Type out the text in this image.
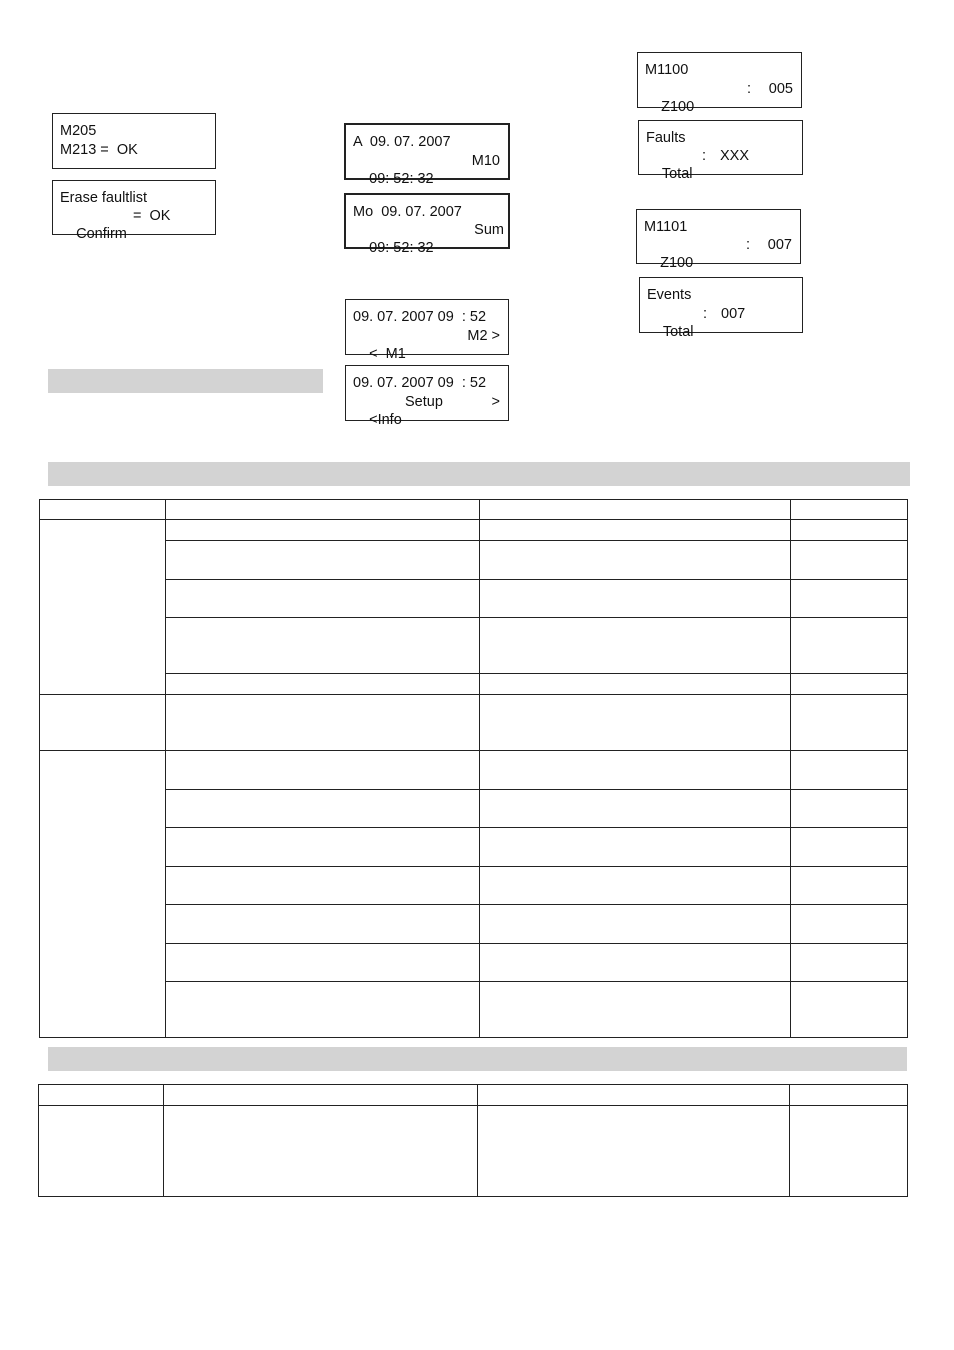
M205
M213 =  OK
Erase faultlist

Confirm

=  OK

A  09. 07. 2007

09: 52: 32

M10

Mo  09. 07. 2007

09: 52: 32

Sum

09. 07. 2007 09  : 52

<  M1

M2 >

09. 07. 2007 09  : 52

<Info

Setup

	>

M1100

Z100

:

005

Faults

Total

:

XXX

M1101

Z100

:

007

Events

Total

:

007
